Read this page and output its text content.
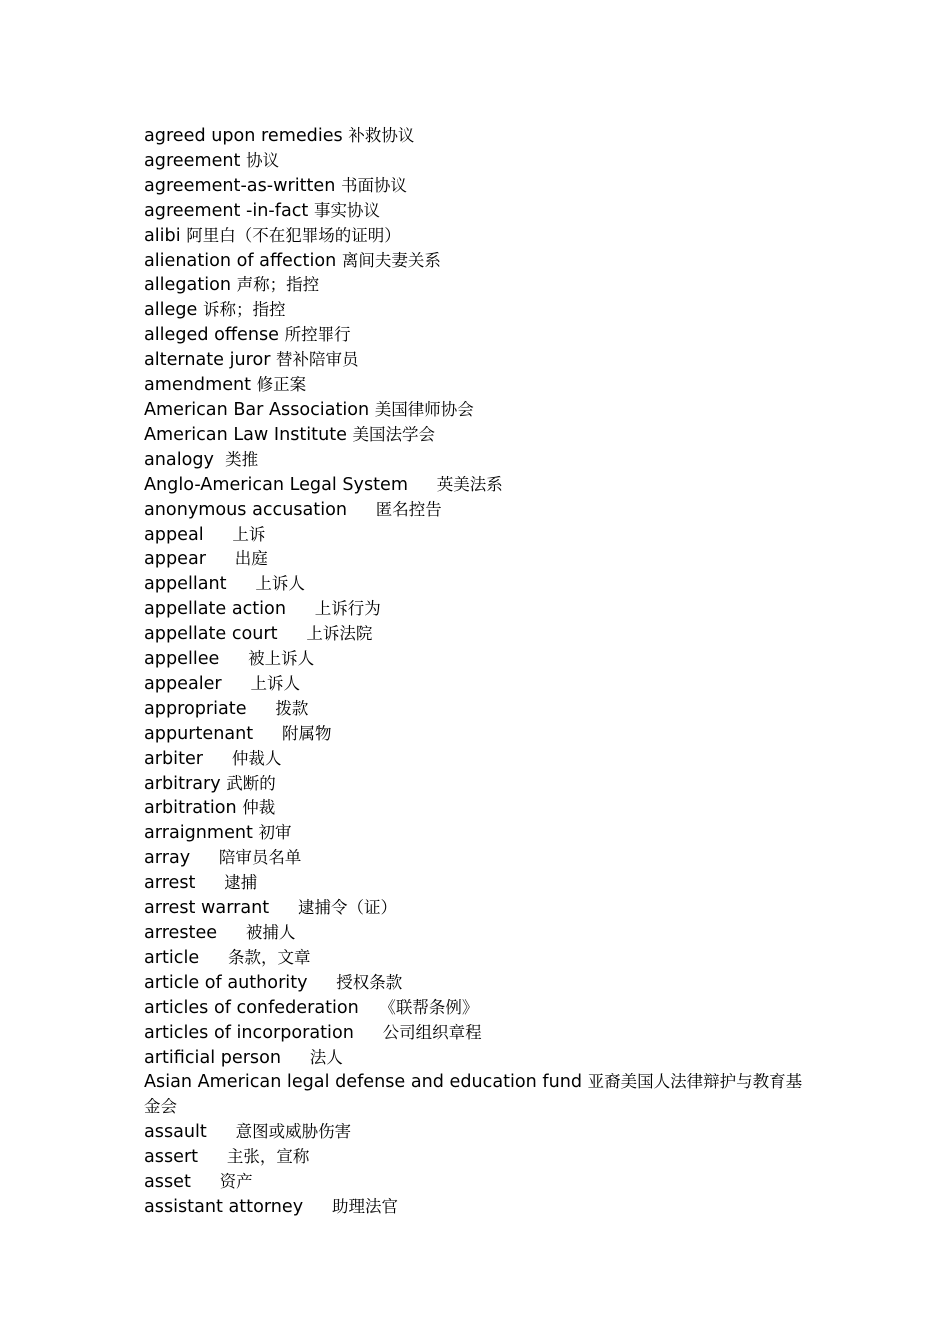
agreed upon remedies 补救协议
agreement 协议
agreement-as-written 书面协议
agreement -in-fact 事实协议
alibi 阿里白（不在犯罪场的证明）
alienation of affection 离间夫妻关系
allegation 声称；指控
allege 诉称；指控
alleged offense 所控罪行
alternate juror 替补陪审员
amendment 修正案
American Bar Association 美国律师协会
American Law Institute 美国法学会
analogy 类推
Anglo-American Legal System  　 英美法系
anonymous accusation  　 匿名控告
appeal  　 上诉
appear  　 出庭
appellant  　 上诉人
appellate action  　 上诉行为
appellate court  　 上诉法院
appellee  　 被上诉人
appealer  　 上诉人
appropriate  　 拨款
appurtenant  　 附属物
arbiter  　 仲裁人
arbitrary 武断的
arbitration 仲裁
arraignment 初审
array  　 陪审员名单
arrest  　 逮捕
arrest warrant  　 逮捕令（证）
arrestee  　 被捕人
article  　 条款，文章
article of authority  　 授权条款
articles of confederation  　 《联帮条例》
articles of incorporation  　 公司组织章程
artificial person  　 法人
Asian American legal defense and education fund 亚裔美国人法律辩护与教育基金会
assault  　 意图或威胁伤害
assert  　 主张，宣称
asset  　 资产
assistant attorney  　 助理法官
